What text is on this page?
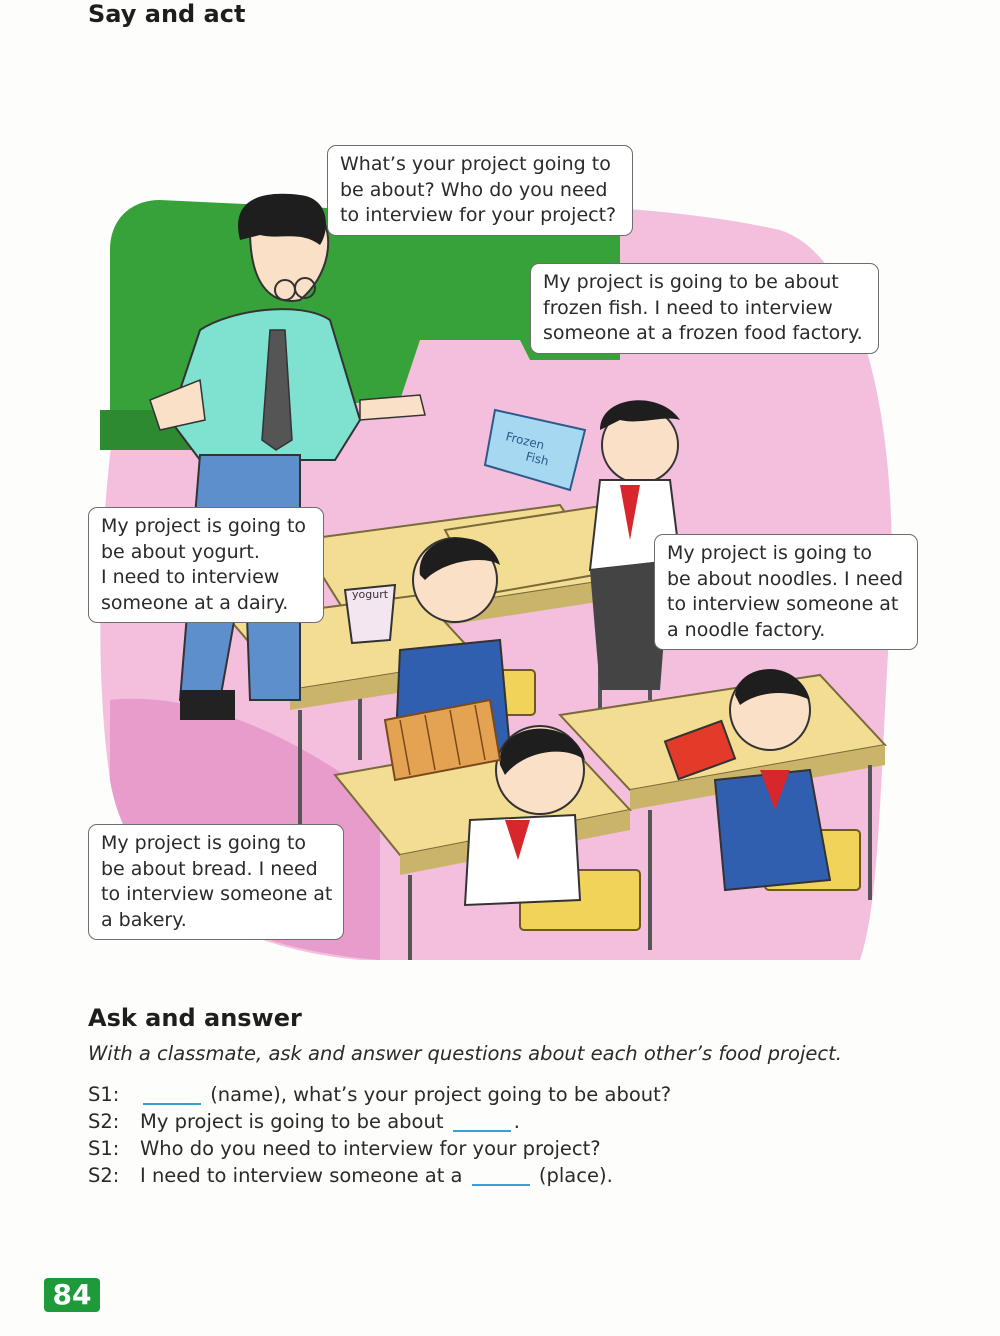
Say and act
Frozen
Fish
yogurt
What’s your project going to
be about? Who do you need
to interview for your project?
My project is going to be about
frozen fish. I need to interview
someone at a frozen food factory.
My project is going to
be about yogurt.
I need to interview
someone at a dairy.
My project is going to
be about noodles. I need
to interview someone at
a noodle factory.
My project is going to
be about bread. I need
to interview someone at
a bakery.
Ask and answer
With a classmate, ask and answer questions about each other’s food project.
S1:	(name), what’s your project going to be about?
S2: My project is going to be about	.
S1: Who do you need to interview for your project?
S2: I need to interview someone at a	(place).
84
